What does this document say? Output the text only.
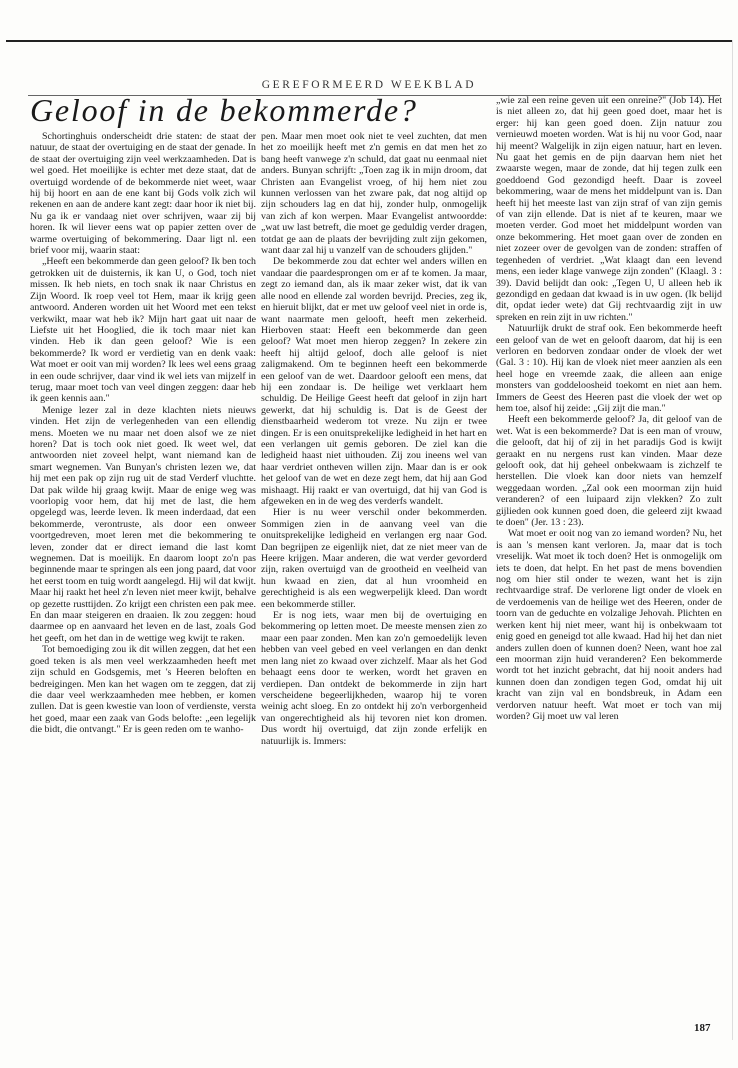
GEREFORMEERD WEEKBLAD
Geloof in de bekommerde?

Schortinghuis onderscheidt drie staten: de staat der natuur, de staat der overtuiging en de staat der genade. In de staat der overtuiging zijn veel werkzaamheden. Dat is wel goed. Het moeilijke is echter met deze staat, dat de overtuigd wordende of de bekommerde niet weet, waar hij bij hoort en aan de ene kant bij Gods volk zich wil rekenen en aan de andere kant zegt: daar hoor ik niet bij. Nu ga ik er vandaag niet over schrijven, waar zij bij horen. Ik wil liever eens wat op papier zetten over de warme overtuiging of bekommering. Daar ligt nl. een brief voor mij, waarin staat:

„Heeft een bekommerde dan geen geloof? Ik ben toch getrokken uit de duisternis, ik kan U, o God, toch niet missen. Ik heb niets, en toch snak ik naar Christus en Zijn Woord. Ik roep veel tot Hem, maar ik krijg geen antwoord. Anderen worden uit het Woord met een tekst verkwikt, maar wat heb ik? Mijn hart gaat uit naar de Liefste uit het Hooglied, die ik toch maar niet kan vinden. Heb ik dan geen geloof? Wie is een bekommerde? Ik word er verdietig van en denk vaak: Wat moet er ooit van mij worden? Ik lees wel eens graag in een oude schrijver, daar vind ik wel iets van mijzelf in terug, maar moet toch van veel dingen zeggen: daar heb ik geen kennis aan."

Menige lezer zal in deze klachten niets nieuws vinden. Het zijn de verlegenheden van een ellendig mens. Moeten we nu maar net doen alsof we ze niet horen? Dat is toch ook niet goed. Ik weet wel, dat antwoorden niet zoveel helpt, want niemand kan de smart wegnemen. Van Bunyan's christen lezen we, dat hij met een pak op zijn rug uit de stad Verderf vluchtte. Dat pak wilde hij graag kwijt. Maar de enige weg was voorlopig voor hem, dat hij met de last, die hem opgelegd was, leerde leven. Ik meen inderdaad, dat een bekommerde, verontruste, als door een onweer voortgedreven, moet leren met die bekommering te leven, zonder dat er direct iemand die last komt wegnemen. Dat is moeilijk. En daarom loopt zo'n pas beginnende maar te springen als een jong paard, dat voor het eerst toom en tuig wordt aangelegd. Hij wil dat kwijt. Maar hij raakt het heel z'n leven niet meer kwijt, behalve op gezette rusttijden. Zo krijgt een christen een pak mee. En dan maar steigeren en draaien. Ik zou zeggen: houd daarmee op en aanvaard het leven en de last, zoals God het geeft, om het dan in de wettige weg kwijt te raken.

Tot bemoediging zou ik dit willen zeggen, dat het een goed teken is als men veel werkzaamheden heeft met zijn schuld en Godsgemis, met 's Heeren beloften en bedreigingen. Men kan het wagen om te zeggen, dat zij die daar veel werkzaamheden mee hebben, er komen zullen. Dat is geen kwestie van loon of verdienste, versta het goed, maar een zaak van Gods belofte: „een legelijk die bidt, die ontvangt." Er is geen reden om te wanho-

pen. Maar men moet ook niet te veel zuchten, dat men het zo moeilijk heeft met z'n gemis en dat men het zo bang heeft vanwege z'n schuld, dat gaat nu eenmaal niet anders. Bunyan schrijft: „Toen zag ik in mijn droom, dat Christen aan Evangelist vroeg, of hij hem niet zou kunnen verlossen van het zware pak, dat nog altijd op zijn schouders lag en dat hij, zonder hulp, onmogelijk van zich af kon werpen. Maar Evangelist antwoordde: „wat uw last betreft, die moet ge geduldig verder dragen, totdat ge aan de plaats der bevrijding zult zijn gekomen, want daar zal hij u vanzelf van de schouders glijden."

De bekommerde zou dat echter wel anders willen en vandaar die paardesprongen om er af te komen. Ja maar, zegt zo iemand dan, als ik maar zeker wist, dat ik van alle nood en ellende zal worden bevrijd. Precies, zeg ik, en hieruit blijkt, dat er met uw geloof veel niet in orde is, want naarmate men gelooft, heeft men zekerheid. Hierboven staat: Heeft een bekommerde dan geen geloof? Wat moet men hierop zeggen? In zekere zin heeft hij altijd geloof, doch alle geloof is niet zaligmakend. Om te beginnen heeft een bekommerde een geloof van de wet. Daardoor gelooft een mens, dat hij een zondaar is. De heilige wet verklaart hem schuldig. De Heilige Geest heeft dat geloof in zijn hart gewerkt, dat hij schuldig is. Dat is de Geest der dienstbaarheid wederom tot vreze. Nu zijn er twee dingen. Er is een onuitsprekelijke ledigheid in het hart en een verlangen uit gemis geboren. De ziel kan die ledigheid haast niet uithouden. Zij zou ineens wel van haar verdriet ontheven willen zijn. Maar dan is er ook het geloof van de wet en deze zegt hem, dat hij aan God mishaagt. Hij raakt er van overtuigd, dat hij van God is afgeweken en in de weg des verderfs wandelt.

Hier is nu weer verschil onder bekommerden. Sommigen zien in de aanvang veel van die onuitsprekelijke ledigheid en verlangen erg naar God. Dan begrijpen ze eigenlijk niet, dat ze niet meer van de Heere krijgen. Maar anderen, die wat verder gevorderd zijn, raken overtuigd van de grootheid en veelheid van hun kwaad en zien, dat al hun vroomheid en gerechtigheid is als een wegwerpelijk kleed. Dan wordt een bekommerde stiller.

Er is nog iets, waar men bij de overtuiging en bekommering op letten moet. De meeste mensen zien zo maar een paar zonden. Men kan zo'n gemoedelijk leven hebben van veel gebed en veel verlangen en dan denkt men lang niet zo kwaad over zichzelf. Maar als het God behaagt eens door te werken, wordt het graven en verdiepen. Dan ontdekt de bekommerde in zijn hart verscheidene begeerlijkheden, waarop hij te voren weinig acht sloeg. En zo ontdekt hij zo'n verborgenheid van ongerechtigheid als hij tevoren niet kon dromen. Dus wordt hij overtuigd, dat zijn zonde erfelijk en natuurlijk is. Immers:

„wie zal een reine geven uit een onreine?" (Job 14). Het is niet alleen zo, dat hij geen goed doet, maar het is erger: hij kan geen goed doen. Zijn natuur zou vernieuwd moeten worden. Wat is hij nu voor God, naar hij meent? Walgelijk in zijn eigen natuur, hart en leven. Nu gaat het gemis en de pijn daarvan hem niet het zwaarste wegen, maar de zonde, dat hij tegen zulk een goeddoend God gezondigd heeft. Daar is zoveel bekommering, waar de mens het middelpunt van is. Dan heeft hij het meeste last van zijn straf of van zijn gemis of van zijn ellende. Dat is niet af te keuren, maar we moeten verder. God moet het middelpunt worden van onze bekommering. Het moet gaan over de zonden en niet zozeer over de gevolgen van de zonden: straffen of tegenheden of verdriet. „Wat klaagt dan een levend mens, een ieder klage vanwege zijn zonden" (Klaagl. 3 : 39). David belijdt dan ook: „Tegen U, U alleen heb ik gezondigd en gedaan dat kwaad is in uw ogen. (Ik belijd dit, opdat ieder wete) dat Gij rechtvaardig zijt in uw spreken en rein zijt in uw richten."

Natuurlijk drukt de straf ook. Een bekommerde heeft een geloof van de wet en gelooft daarom, dat hij is een verloren en bedorven zondaar onder de vloek der wet (Gal. 3 : 10). Hij kan de vloek niet meer aanzien als een heel hoge en vreemde zaak, die alleen aan enige monsters van goddeloosheid toekomt en niet aan hem. Immers de Geest des Heeren past die vloek der wet op hem toe, alsof hij zeide: „Gij zijt die man."

Heeft een bekommerde geloof? Ja, dit geloof van de wet. Wat is een bekommerde? Dat is een man of vrouw, die gelooft, dat hij of zij in het paradijs God is kwijt geraakt en nu nergens rust kan vinden. Maar deze gelooft ook, dat hij geheel onbekwaam is zichzelf te herstellen. Die vloek kan door niets van hemzelf weggedaan worden. „Zal ook een moorman zijn huid veranderen? of een luipaard zijn vlekken? Zo zult gijlieden ook kunnen goed doen, die geleerd zijt kwaad te doen" (Jer. 13 : 23).

Wat moet er ooit nog van zo iemand worden? Nu, het is aan 's mensen kant verloren. Ja, maar dat is toch vreselijk. Wat moet ik toch doen? Het is onmogelijk om iets te doen, dat helpt. En het past de mens bovendien nog om hier stil onder te wezen, want het is zijn rechtvaardige straf. De verlorene ligt onder de vloek en de verdoemenis van de heilige wet des Heeren, onder de toorn van de geduchte en volzalige Jehovah. Plichten en werken kent hij niet meer, want hij is onbekwaam tot enig goed en geneigd tot alle kwaad. Had hij het dan niet anders zullen doen of kunnen doen? Neen, want hoe zal een moorman zijn huid veranderen? Een bekommerde wordt tot het inzicht gebracht, dat hij nooit anders had kunnen doen dan zondigen tegen God, omdat hij uit kracht van zijn val en bondsbreuk, in Adam een verdorven natuur heeft. Wat moet er toch van mij worden? Gij moet uw val leren

187
